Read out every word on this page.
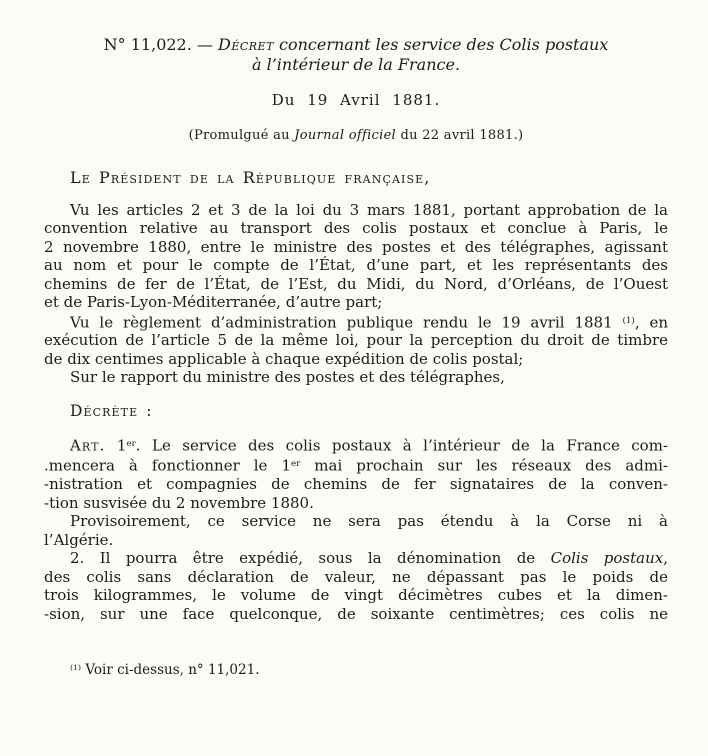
N° 11,022. — Décret concernant les service des Colis postaux
à l’intérieur de la France.
Du 19 Avril 1881.
(Promulgué au Journal officiel du 22 avril 1881.)
Le Président de la République française,
Vu les articles 2 et 3 de la loi du 3 mars 1881, portant approbation de la
convention relative au transport des colis postaux et conclue à Paris, le
2 novembre 1880, entre le ministre des postes et des télégraphes, agissant
au nom et pour le compte de l’État, d’une part, et les représentants des
chemins de fer de l’État, de l’Est, du Midi, du Nord, d’Orléans, de l’Ouest
et de Paris-Lyon-Méditerranée, d’autre part;
Vu le règlement d’administration publique rendu le 19 avril 1881 $^{(1)}$, en
exécution de l’article 5 de la même loi, pour la perception du droit de timbre
de dix centimes applicable à chaque expédition de colis postal;
Sur le rapport du ministre des postes et des télégraphes,
Décrète :
Art. 1er. Le service des colis postaux à l’intérieur de la France com-
.mencera à fonctionner le 1er mai prochain sur les réseaux des admi-
-nistration et compagnies de chemins de fer signataires de la conven-
-tion susvisée du 2 novembre 1880.
Provisoirement, ce service ne sera pas étendu à la Corse ni à
l’Algérie.
2. Il pourra être expédié, sous la dénomination de Colis postaux,
des colis sans déclaration de valeur, ne dépassant pas le poids de
trois kilogrammes, le volume de vingt décimètres cubes et la dimen-
-sion, sur une face quelconque, de soixante centimètres; ces colis ne
$^{(1)}$ Voir ci-dessus, n° 11,021.
